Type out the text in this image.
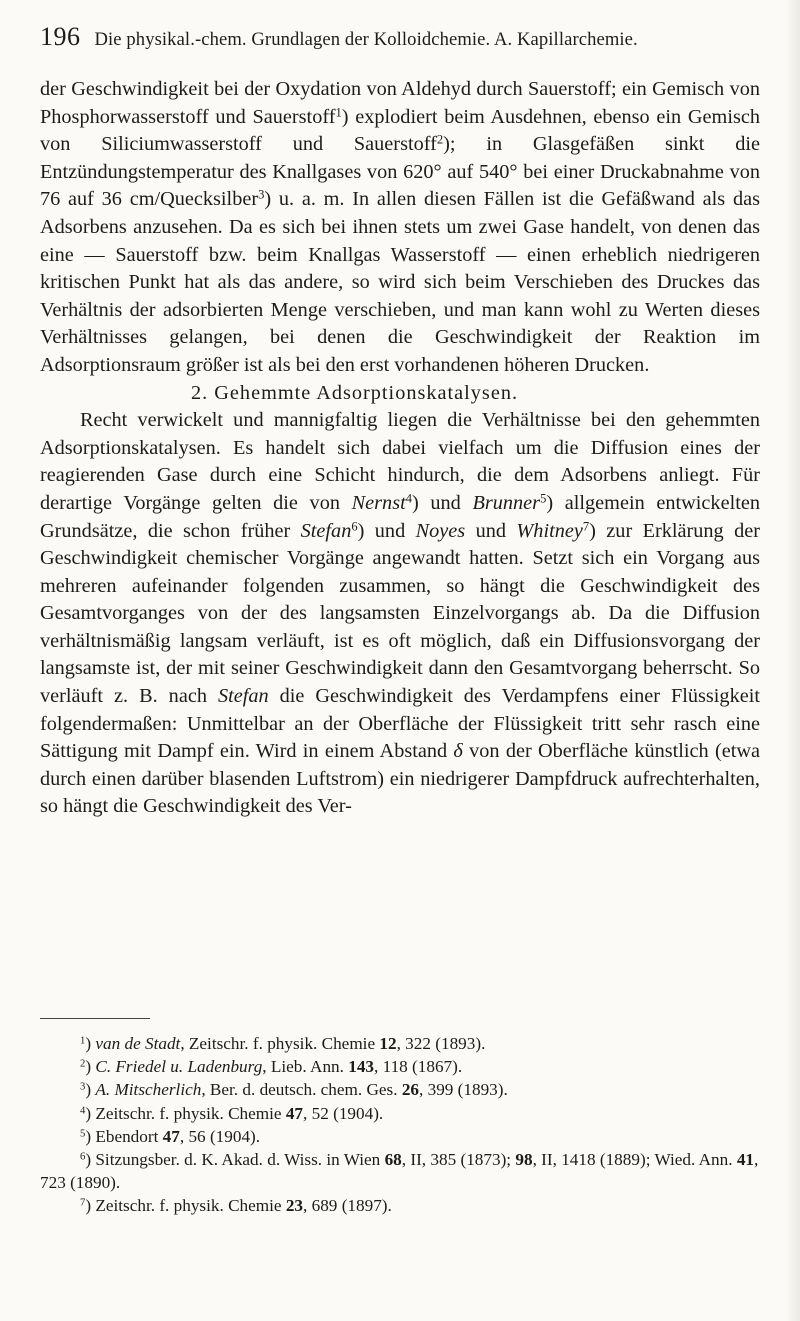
196 Die physikal.-chem. Grundlagen der Kolloidchemie. A. Kapillarchemie.

der Geschwindigkeit bei der Oxydation von Aldehyd durch Sauerstoff; ein Gemisch von Phosphorwasserstoff und Sauerstoff$^1$) explodiert beim Ausdehnen, ebenso ein Gemisch von Siliciumwasserstoff und Sauerstoff$^2$); in Glasgefäßen sinkt die Entzündungstemperatur des Knallgases von 620° auf 540° bei einer Druckabnahme von 76 auf 36 cm/Quecksilber$^3$) u. a. m. In allen diesen Fällen ist die Gefäßwand als das Adsorbens anzusehen. Da es sich bei ihnen stets um zwei Gase handelt, von denen das eine — Sauerstoff bzw. beim Knallgas Wasserstoff — einen erheblich niedrigeren kritischen Punkt hat als das andere, so wird sich beim Verschieben des Druckes das Verhältnis der adsorbierten Menge verschieben, und man kann wohl zu Werten dieses Verhältnisses gelangen, bei denen die Geschwindigkeit der Reaktion im Adsorptionsraum größer ist als bei den erst vorhandenen höheren Drucken.

2. Gehemmte Adsorptionskatalysen.

Recht verwickelt und mannigfaltig liegen die Verhältnisse bei den gehemmten Adsorptionskatalysen. Es handelt sich dabei vielfach um die Diffusion eines der reagierenden Gase durch eine Schicht hindurch, die dem Adsorbens anliegt. Für derartige Vorgänge gelten die von Nernst$^4$) und Brunner$^5$) allgemein entwickelten Grundsätze, die schon früher Stefan$^6$) und Noyes und Whitney$^7$) zur Erklärung der Geschwindigkeit chemischer Vorgänge angewandt hatten. Setzt sich ein Vorgang aus mehreren aufeinander folgenden zusammen, so hängt die Geschwindigkeit des Gesamtvorganges von der des langsamsten Einzelvorgangs ab. Da die Diffusion verhältnismäßig langsam verläuft, ist es oft möglich, daß ein Diffusionsvorgang der langsamste ist, der mit seiner Geschwindigkeit dann den Gesamtvorgang beherrscht. So verläuft z. B. nach Stefan die Geschwindigkeit des Verdampfens einer Flüssigkeit folgendermaßen: Unmittelbar an der Oberfläche der Flüssigkeit tritt sehr rasch eine Sättigung mit Dampf ein. Wird in einem Abstand δ von der Oberfläche künstlich (etwa durch einen darüber blasenden Luftstrom) ein niedrigerer Dampfdruck aufrechterhalten, so hängt die Geschwindigkeit des Ver-

$^1$) van de Stadt, Zeitschr. f. physik. Chemie 12, 322 (1893).

$^2$) C. Friedel u. Ladenburg, Lieb. Ann. 143, 118 (1867).

$^3$) A. Mitscherlich, Ber. d. deutsch. chem. Ges. 26, 399 (1893).

$^4$) Zeitschr. f. physik. Chemie 47, 52 (1904).

$^5$) Ebendort 47, 56 (1904).

$^6$) Sitzungsber. d. K. Akad. d. Wiss. in Wien 68, II, 385 (1873); 98, II, 1418 (1889); Wied. Ann. 41, 723 (1890).

$^7$) Zeitschr. f. physik. Chemie 23, 689 (1897).
